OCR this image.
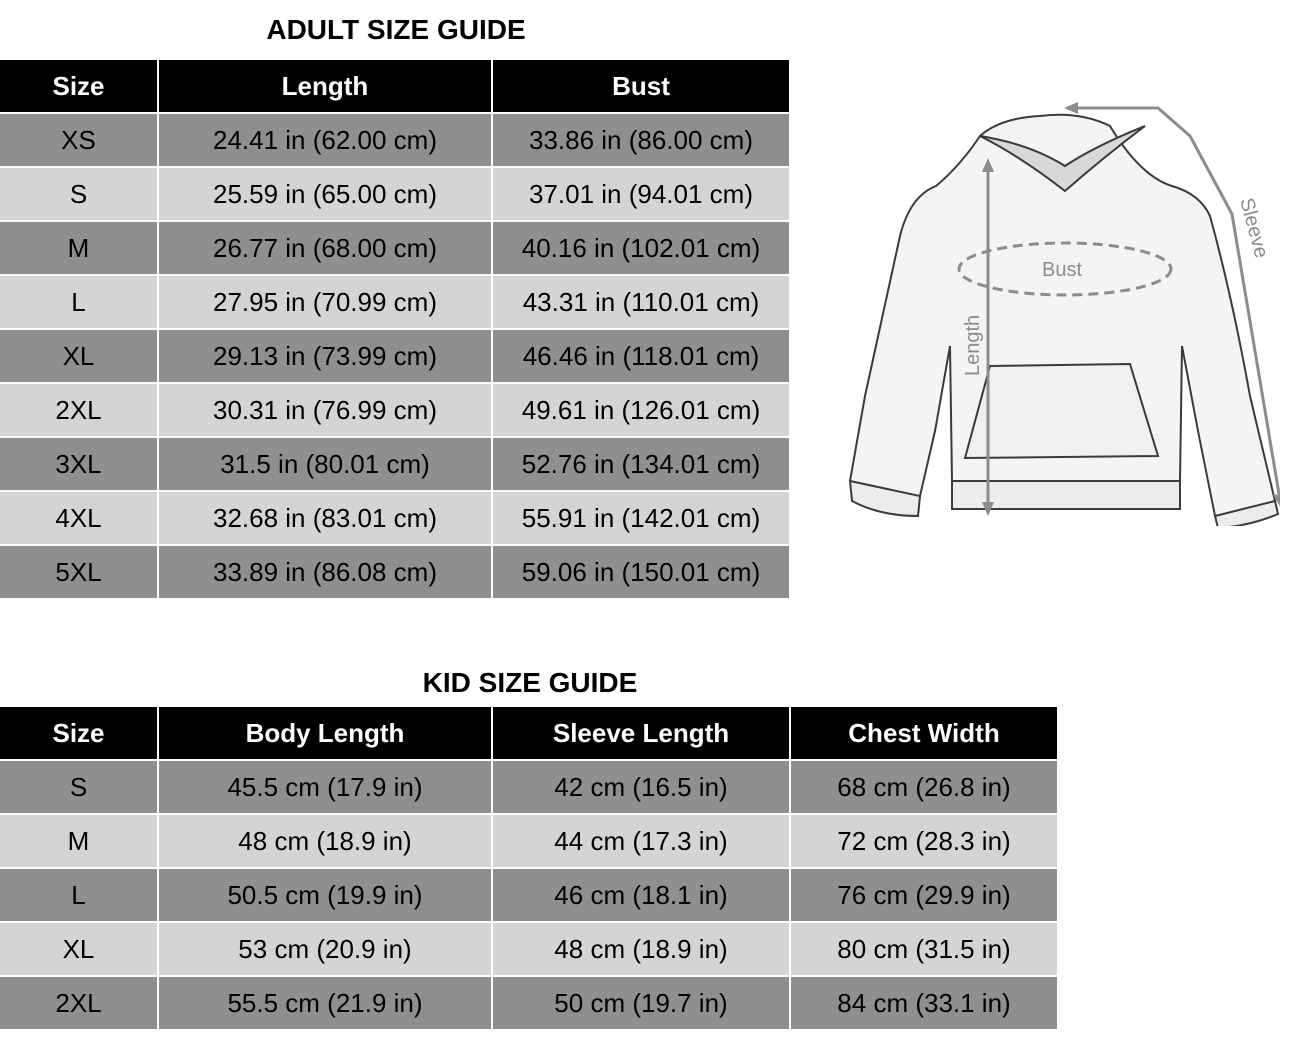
ADULT SIZE GUIDE
Size	Length	Bust
XS	24.41 in (62.00 cm)	33.86 in (86.00 cm)
S	25.59 in (65.00 cm)	37.01 in (94.01 cm)
M	26.77 in (68.00 cm)	40.16 in (102.01 cm)
L	27.95 in (70.99 cm)	43.31 in (110.01 cm)
XL	29.13 in (73.99 cm)	46.46 in (118.01 cm)
2XL	30.31 in (76.99 cm)	49.61 in (126.01 cm)
3XL	31.5 in (80.01 cm)	52.76 in (134.01 cm)
4XL	32.68 in (83.01 cm)	55.91 in (142.01 cm)
5XL	33.89 in (86.08 cm)	59.06 in (150.01 cm)
KID SIZE GUIDE
Size	Body Length	Sleeve Length	Chest Width
S	45.5 cm (17.9 in)	42 cm (16.5 in)	68 cm (26.8 in)
M	48 cm (18.9 in)	44 cm (17.3 in)	72 cm (28.3 in)
L	50.5 cm (19.9 in)	46 cm (18.1 in)	76 cm (29.9 in)
XL	53 cm (20.9 in)	48 cm (18.9 in)	80 cm (31.5 in)
2XL	55.5 cm (21.9 in)	50 cm (19.7 in)	84 cm (33.1 in)
Bust
Length
Sleeve
